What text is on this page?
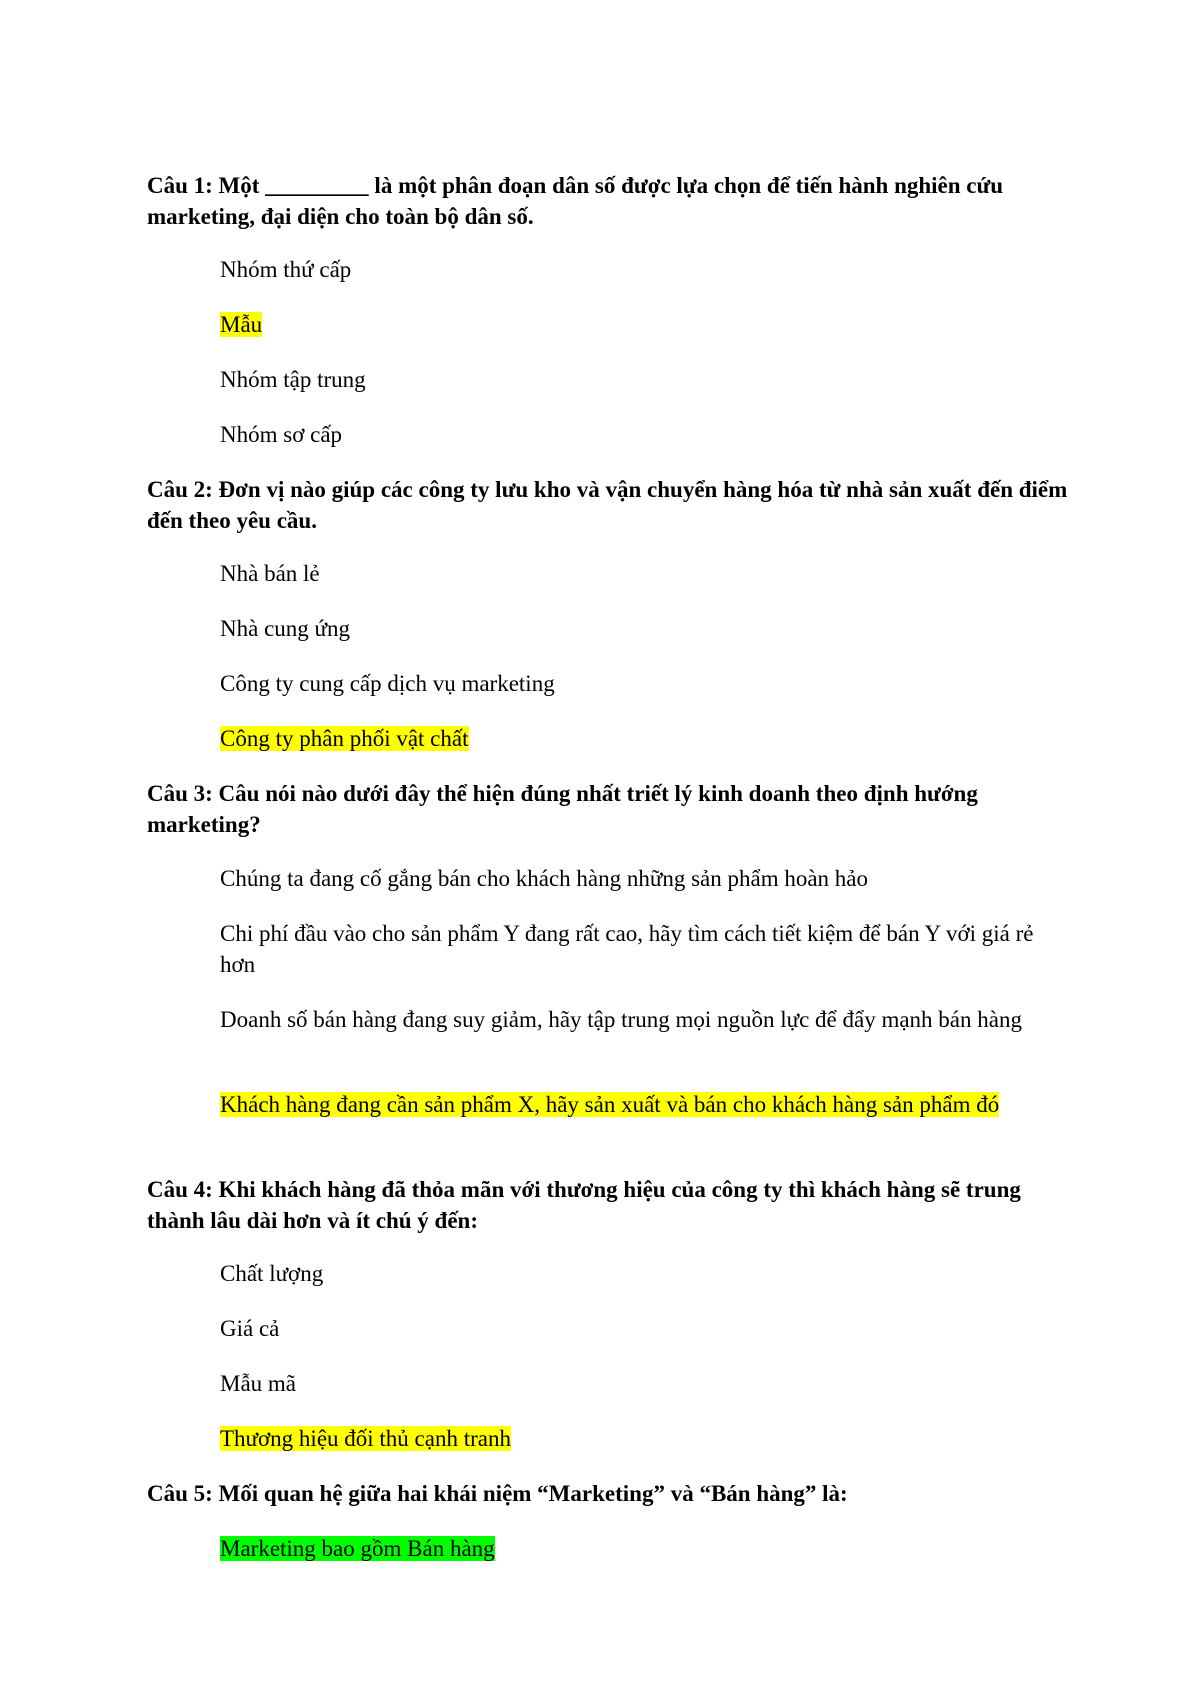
Câu 1: Một _________ là một phân đoạn dân số được lựa chọn để tiến hành nghiên cứu marketing, đại diện cho toàn bộ dân số.

Nhóm thứ cấp

Mẫu

Nhóm tập trung

Nhóm sơ cấp

Câu 2: Đơn vị nào giúp các công ty lưu kho và vận chuyển hàng hóa từ nhà sản xuất đến điểm đến theo yêu cầu.

Nhà bán lẻ

Nhà cung ứng

Công ty cung cấp dịch vụ marketing

Công ty phân phối vật chất

Câu 3: Câu nói nào dưới đây thể hiện đúng nhất triết lý kinh doanh theo định hướng marketing?

Chúng ta đang cố gắng bán cho khách hàng những sản phẩm hoàn hảo

Chi phí đầu vào cho sản phẩm Y đang rất cao, hãy tìm cách tiết kiệm để bán Y với giá rẻ hơn

Doanh số bán hàng đang suy giảm, hãy tập trung mọi nguồn lực để đẩy mạnh bán hàng

Khách hàng đang cần sản phẩm X, hãy sản xuất và bán cho khách hàng sản phẩm đó

Câu 4: Khi khách hàng đã thỏa mãn với thương hiệu của công ty thì khách hàng sẽ trung thành lâu dài hơn và ít chú ý đến:

Chất lượng

Giá cả

Mẫu mã

Thương hiệu đối thủ cạnh tranh

Câu 5: Mối quan hệ giữa hai khái niệm “Marketing” và “Bán hàng” là:

Marketing bao gồm Bán hàng
